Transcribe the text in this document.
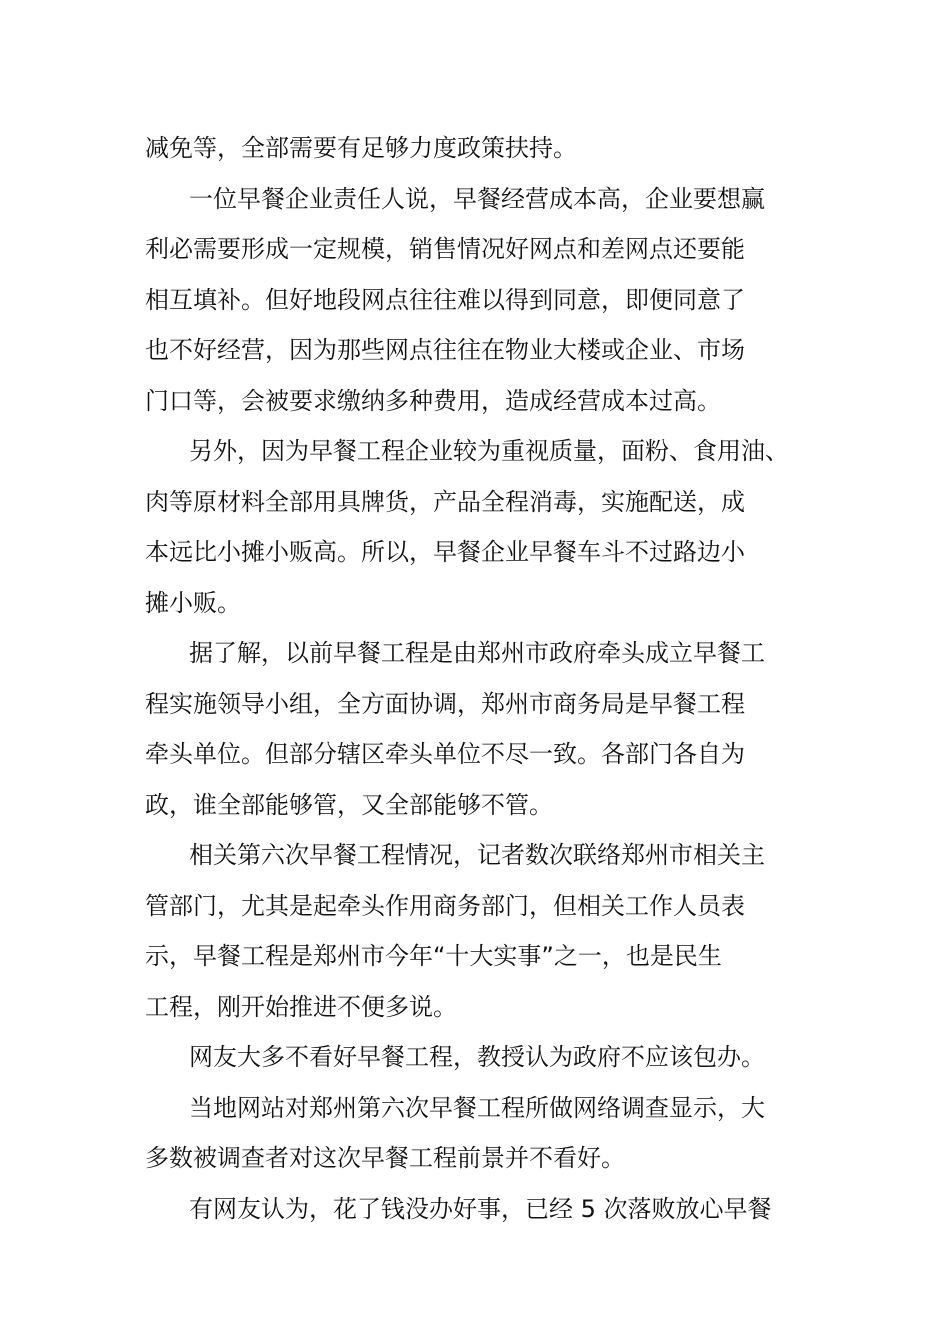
减免等，全部需要有足够力度政策扶持。
一位早餐企业责任人说，早餐经营成本高，企业要想赢
利必需要形成一定规模，销售情况好网点和差网点还要能
相互填补。但好地段网点往往难以得到同意，即便同意了
也不好经营，因为那些网点往往在物业大楼或企业、市场
门口等，会被要求缴纳多种费用，造成经营成本过高。
另外，因为早餐工程企业较为重视质量，面粉、食用油、
肉等原材料全部用具牌货，产品全程消毒，实施配送，成
本远比小摊小贩高。所以，早餐企业早餐车斗不过路边小
摊小贩。
据了解，以前早餐工程是由郑州市政府牵头成立早餐工
程实施领导小组，全方面协调，郑州市商务局是早餐工程
牵头单位。但部分辖区牵头单位不尽一致。各部门各自为
政，谁全部能够管，又全部能够不管。
相关第六次早餐工程情况，记者数次联络郑州市相关主
管部门，尤其是起牵头作用商务部门，但相关工作人员表
示，早餐工程是郑州市今年“十大实事”之一，也是民生
工程，刚开始推进不便多说。
网友大多不看好早餐工程，教授认为政府不应该包办。
当地网站对郑州第六次早餐工程所做网络调查显示，大
多数被调查者对这次早餐工程前景并不看好。
有网友认为，花了钱没办好事，已经 5 次落败放心早餐
